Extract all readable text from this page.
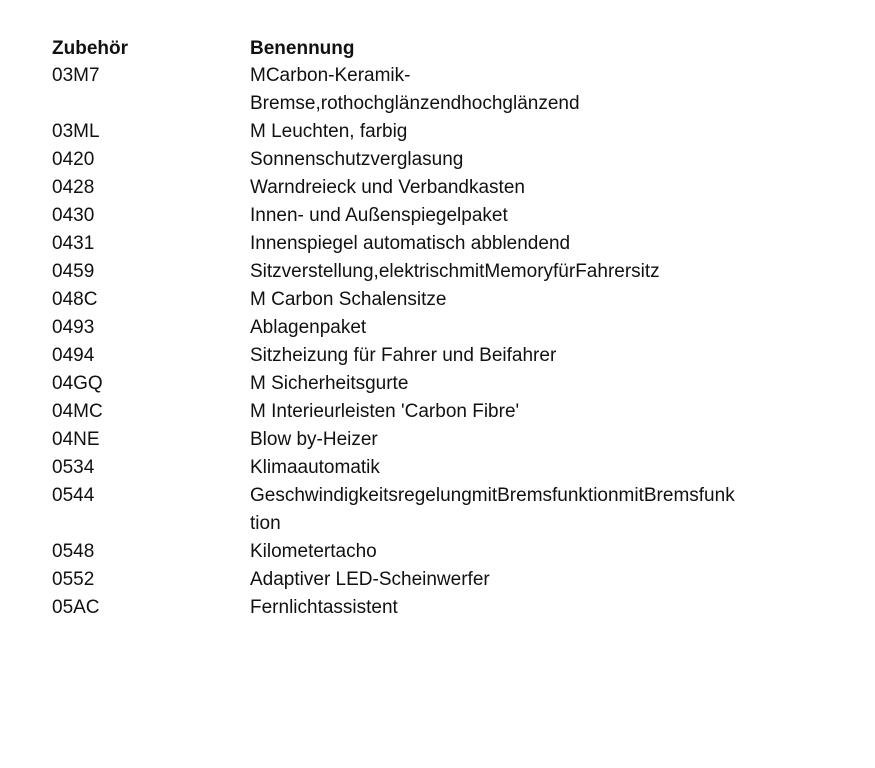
Zubehör	Benennung
03M7	MCarbon-Keramik-
Bremse,rothochglänzendhochglänzend
03ML	M Leuchten, farbig
0420	Sonnenschutzverglasung
0428	Warndreieck und Verbandkasten
0430	Innen- und Außenspiegelpaket
0431	Innenspiegel automatisch abblendend
0459	Sitzverstellung,elektrischmitMemoryfürFahrersitz
048C	M Carbon Schalensitze
0493	Ablagenpaket
0494	Sitzheizung für Fahrer und Beifahrer
04GQ	M Sicherheitsgurte
04MC	M Interieurleisten 'Carbon Fibre'
04NE	Blow by-Heizer
0534	Klimaautomatik
0544	GeschwindigkeitsregelungmitBremsfunktionmitBremsfunk
tion
0548	Kilometertacho
0552	Adaptiver LED-Scheinwerfer
05AC	Fernlichtassistent
